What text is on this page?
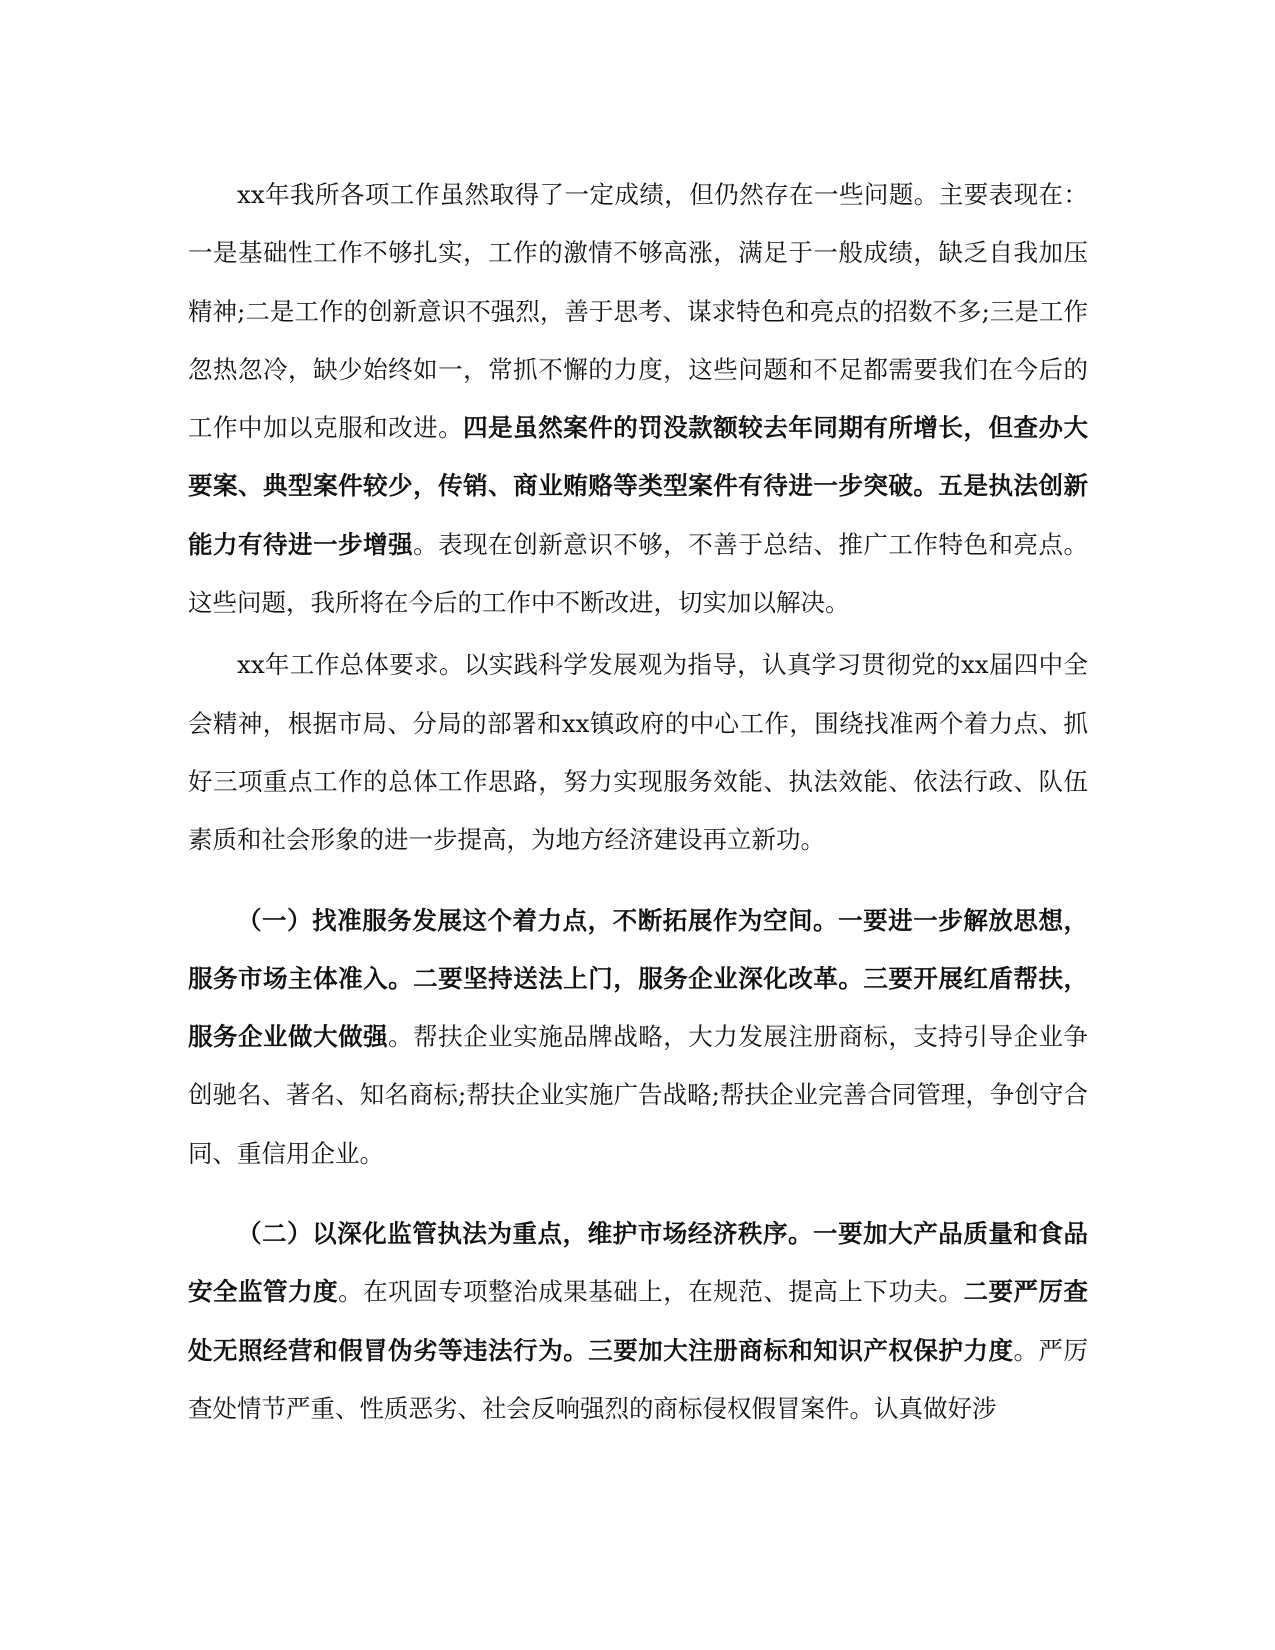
xx年我所各项工作虽然取得了一定成绩，但仍然存在一些问题。主要表现在：一是基础性工作不够扎实，工作的激情不够高涨，满足于一般成绩，缺乏自我加压精神;二是工作的创新意识不强烈，善于思考、谋求特色和亮点的招数不多;三是工作忽热忽冷，缺少始终如一，常抓不懈的力度，这些问题和不足都需要我们在今后的工作中加以克服和改进。四是虽然案件的罚没款额较去年同期有所增长，但查办大要案、典型案件较少，传销、商业贿赂等类型案件有待进一步突破。五是执法创新能力有待进一步增强。表现在创新意识不够，不善于总结、推广工作特色和亮点。这些问题，我所将在今后的工作中不断改进，切实加以解决。

xx年工作总体要求。以实践科学发展观为指导，认真学习贯彻党的xx届四中全会精神，根据市局、分局的部署和xx镇政府的中心工作，围绕找准两个着力点、抓好三项重点工作的总体工作思路，努力实现服务效能、执法效能、依法行政、队伍素质和社会形象的进一步提高，为地方经济建设再立新功。

（一）找准服务发展这个着力点，不断拓展作为空间。一要进一步解放思想，服务市场主体准入。二要坚持送法上门，服务企业深化改革。三要开展红盾帮扶，服务企业做大做强。帮扶企业实施品牌战略，大力发展注册商标，支持引导企业争创驰名、著名、知名商标;帮扶企业实施广告战略;帮扶企业完善合同管理，争创守合同、重信用企业。

（二）以深化监管执法为重点，维护市场经济秩序。一要加大产品质量和食品安全监管力度。在巩固专项整治成果基础上，在规范、提高上下功夫。二要严厉查处无照经营和假冒伪劣等违法行为。三要加大注册商标和知识产权保护力度。严厉查处情节严重、性质恶劣、社会反响强烈的商标侵权假冒案件。认真做好涉
